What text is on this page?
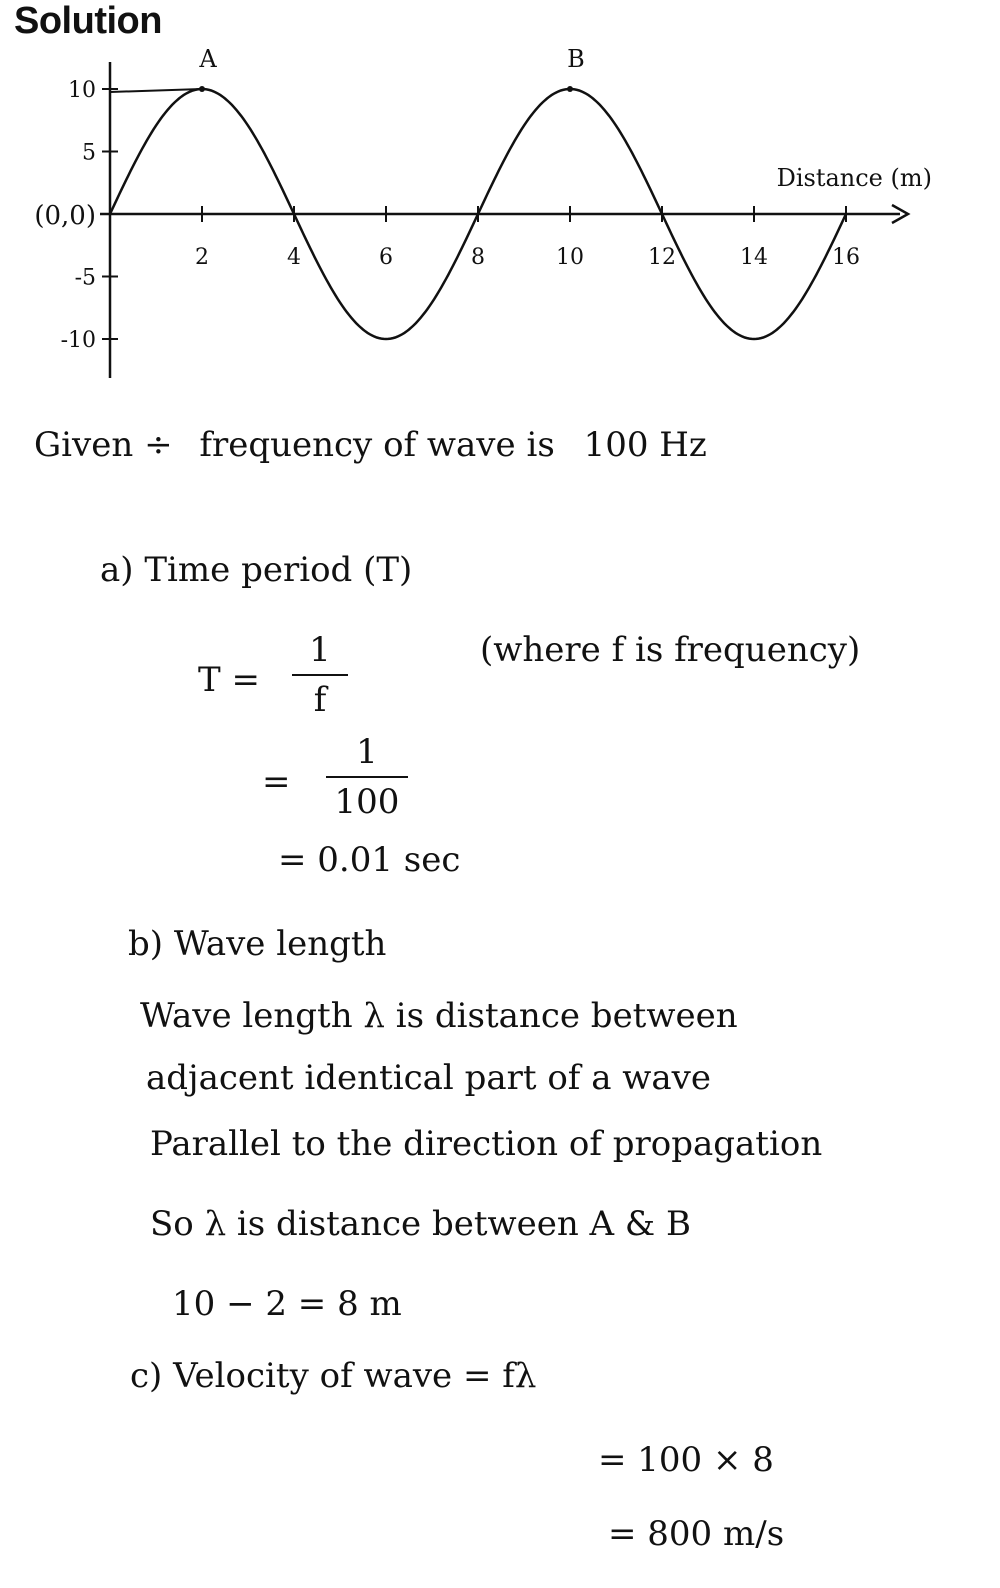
Solution
2	4	6	8	10	12	14	16
10
5
-5
-10
(0,0)
Distance (m)
A	B
Given ÷ frequency of wave is 100 Hz
a) Time period (T)
T =
1
f
(where f is frequency)
=
1
100
= 0.01 sec
b) Wave length
Wave length λ is distance between
adjacent identical part of a wave
Parallel to the direction of propagation
So λ is distance between A & B
10 − 2 = 8 m
c) Velocity of wave = fλ
= 100 × 8
= 800 m/s
